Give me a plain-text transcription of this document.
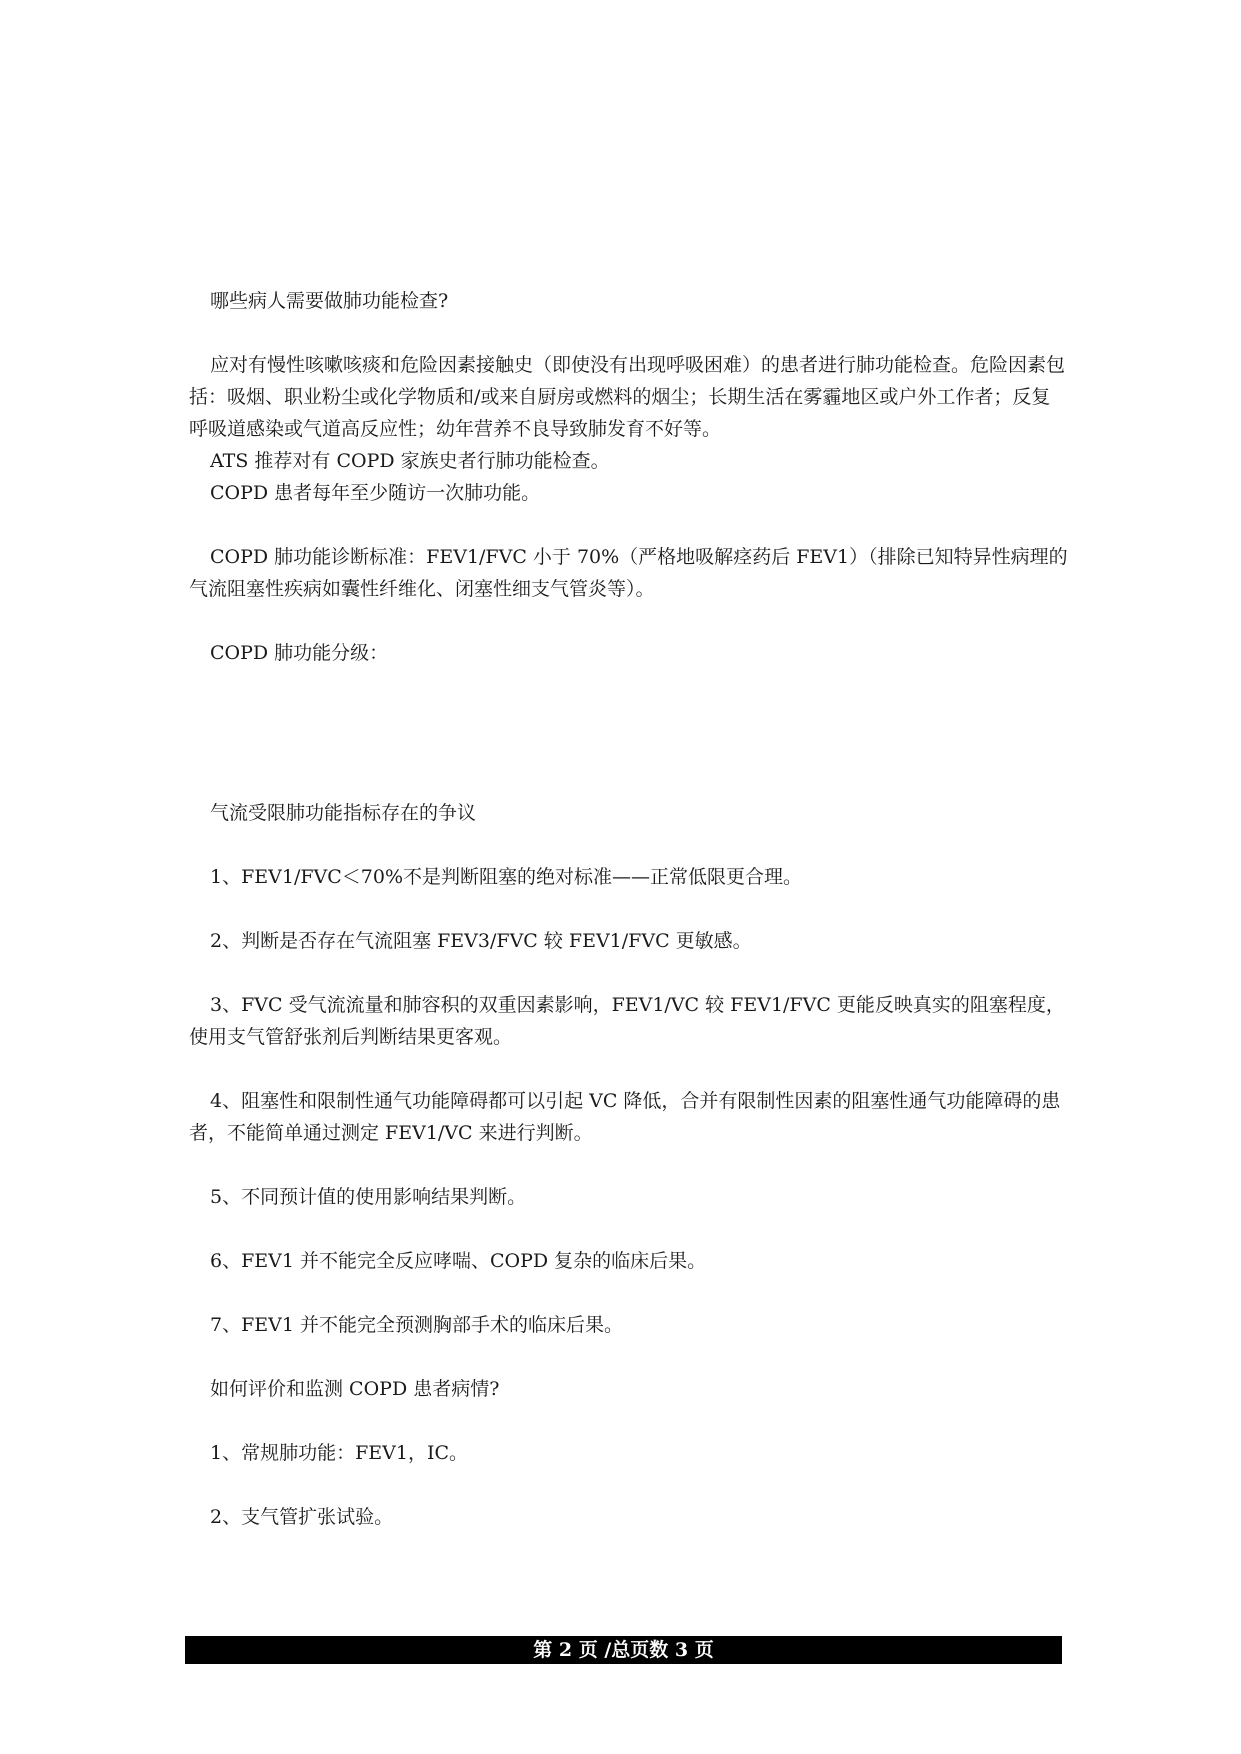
哪些病人需要做肺功能检查?

应对有慢性咳嗽咳痰和危险因素接触史（即使没有出现呼吸困难）的患者进行肺功能检查。危险因素包括：吸烟、职业粉尘或化学物质和/或来自厨房或燃料的烟尘；长期生活在雾霾地区或户外工作者；反复呼吸道感染或气道高反应性；幼年营养不良导致肺发育不好等。

ATS 推荐对有 COPD 家族史者行肺功能检查。

COPD 患者每年至少随访一次肺功能。

COPD 肺功能诊断标准：FEV1/FVC 小于 70%（严格地吸解痉药后 FEV1）（排除已知特异性病理的气流阻塞性疾病如囊性纤维化、闭塞性细支气管炎等）。

COPD 肺功能分级：

气流受限肺功能指标存在的争议

1、FEV1/FVC＜70%不是判断阻塞的绝对标准——正常低限更合理。

2、判断是否存在气流阻塞 FEV3/FVC 较 FEV1/FVC 更敏感。

3、FVC 受气流流量和肺容积的双重因素影响，FEV1/VC 较 FEV1/FVC 更能反映真实的阻塞程度，使用支气管舒张剂后判断结果更客观。

4、阻塞性和限制性通气功能障碍都可以引起 VC 降低，合并有限制性因素的阻塞性通气功能障碍的患者，不能简单通过测定 FEV1/VC 来进行判断。

5、不同预计值的使用影响结果判断。

6、FEV1 并不能完全反应哮喘、COPD 复杂的临床后果。

7、FEV1 并不能完全预测胸部手术的临床后果。

如何评价和监测 COPD 患者病情?

1、常规肺功能：FEV1，IC。

2、支气管扩张试验。

第 2 页 /总页数 3 页
